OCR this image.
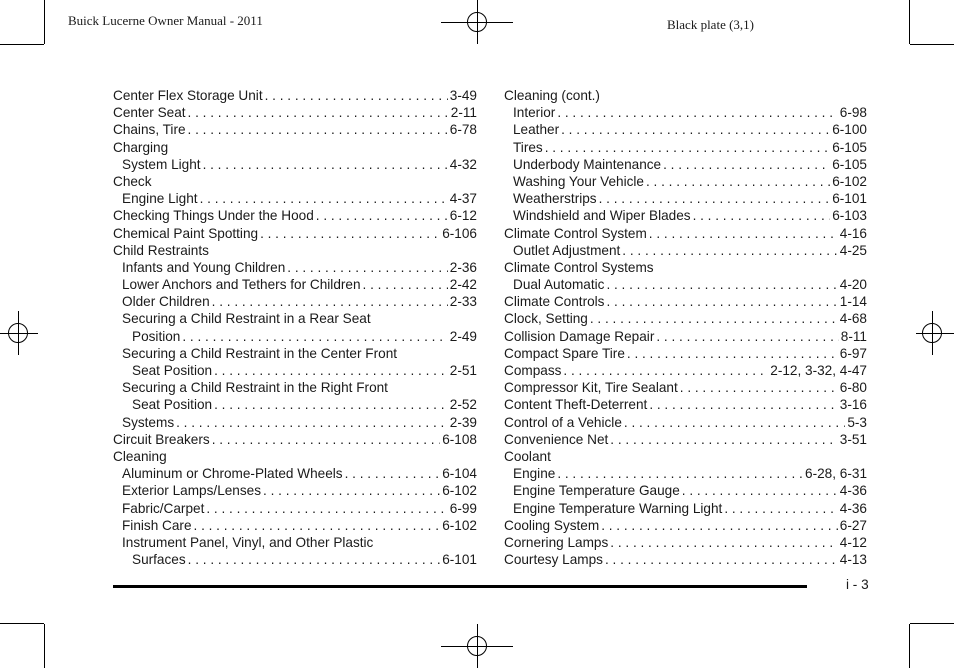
Buick Lucerne Owner Manual - 2011	Black plate (3,1)
Center Flex Storage Unit . . .	3-49
Center Seat . . .	2-11
Chains, Tire . . .	6-78
Charging
System Light . . .	4-32
Check
Engine Light . . .	4-37
Checking Things Under the Hood . . .	6-12
Chemical Paint Spotting . . .	6-106
Child Restraints
Infants and Young Children . . .	2-36
Lower Anchors and Tethers for Children . . .	2-42
Older Children . . .	2-33
Securing a Child Restraint in a Rear Seat
Position . . .	2-49
Securing a Child Restraint in the Center Front
Seat Position . . .	2-51
Securing a Child Restraint in the Right Front
Seat Position . . .	2-52
Systems . . .	2-39
Circuit Breakers . . .	6-108
Cleaning
Aluminum or Chrome-Plated Wheels . . .	6-104
Exterior Lamps/Lenses . . .	6-102
Fabric/Carpet . . .	6-99
Finish Care . . .	6-102
Instrument Panel, Vinyl, and Other Plastic
Surfaces . . .	6-101
Cleaning (cont.)
Interior . . .	6-98
Leather . . .	6-100
Tires . . .	6-105
Underbody Maintenance . . .	6-105
Washing Your Vehicle . . .	6-102
Weatherstrips . . .	6-101
Windshield and Wiper Blades . . .	6-103
Climate Control System . . .	4-16
Outlet Adjustment . . .	4-25
Climate Control Systems
Dual Automatic . . .	4-20
Climate Controls . . .	1-14
Clock, Setting . . .	4-68
Collision Damage Repair . . .	8-11
Compact Spare Tire . . .	6-97
Compass . . .	2-12, 3-32, 4-47
Compressor Kit, Tire Sealant . . .	6-80
Content Theft-Deterrent . . .	3-16
Control of a Vehicle . . .	5-3
Convenience Net . . .	3-51
Coolant
Engine . . .	6-28, 6-31
Engine Temperature Gauge . . .	4-36
Engine Temperature Warning Light . . .	4-36
Cooling System . . .	6-27
Cornering Lamps . . .	4-12
Courtesy Lamps . . .	4-13
i - 3
